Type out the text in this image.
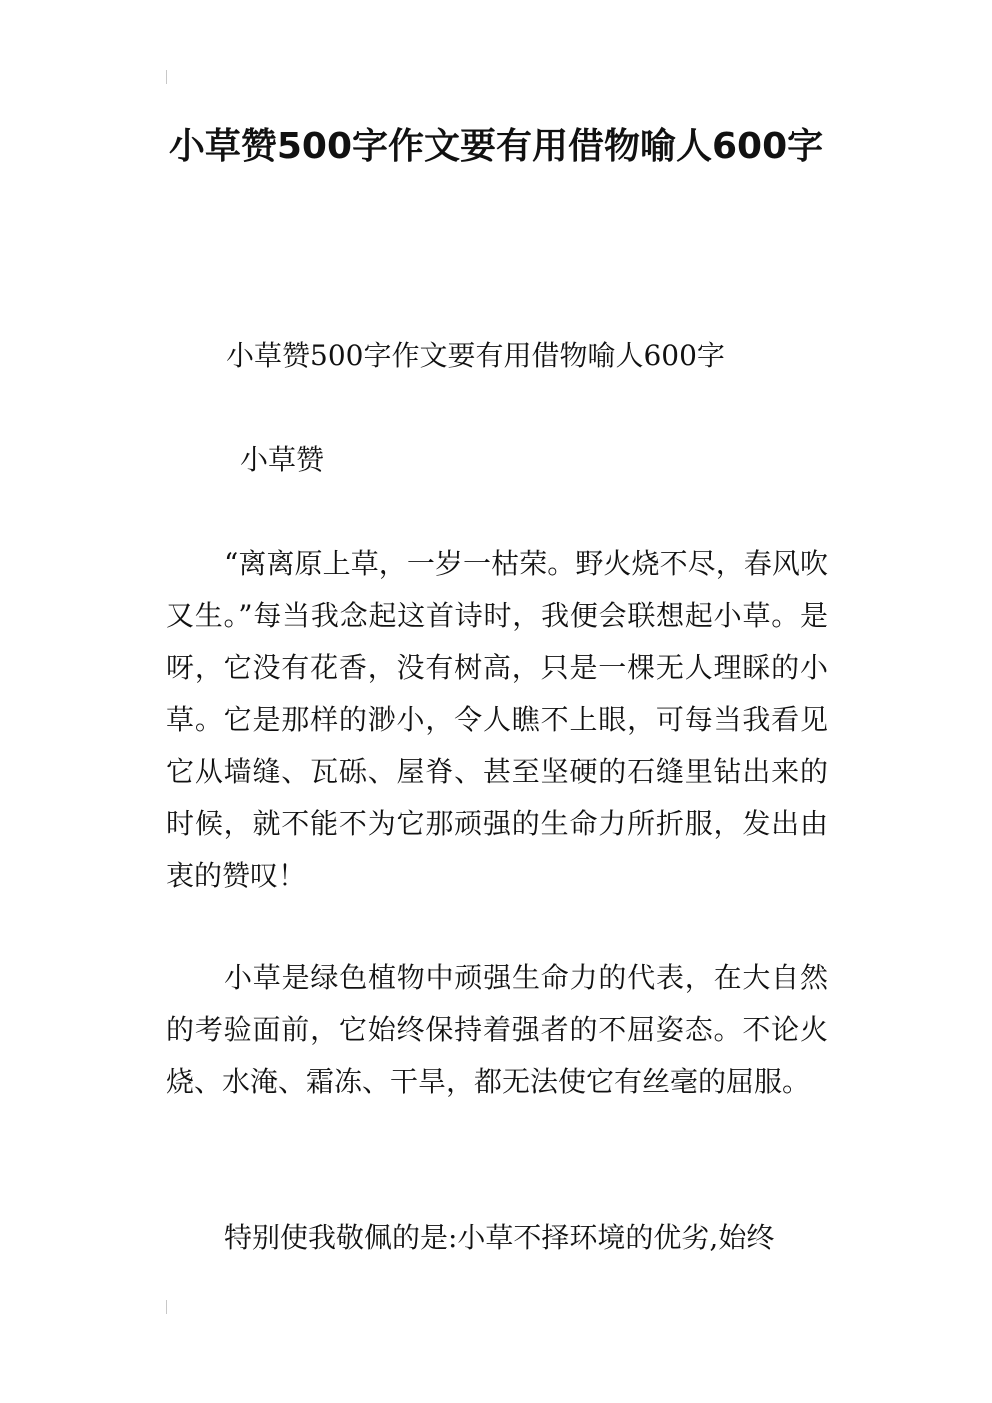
小草赞500字作文要有用借物喻人600字

小草赞500字作文要有用借物喻人600字

小草赞

“离离原上草，一岁一枯荣。野火烧不尽，春风吹又生。”每当我念起这首诗时，我便会联想起小草。是呀，它没有花香，没有树高，只是一棵无人理睬的小草。它是那样的渺小，令人瞧不上眼，可每当我看见它从墙缝、瓦砾、屋脊、甚至坚硬的石缝里钻出来的时候，就不能不为它那顽强的生命力所折服，发出由衷的赞叹！

小草是绿色植物中顽强生命力的代表，在大自然的考验面前，它始终保持着强者的不屈姿态。不论火烧、水淹、霜冻、干旱，都无法使它有丝毫的屈服。

特别使我敬佩的是:小草不择环境的优劣,始终
